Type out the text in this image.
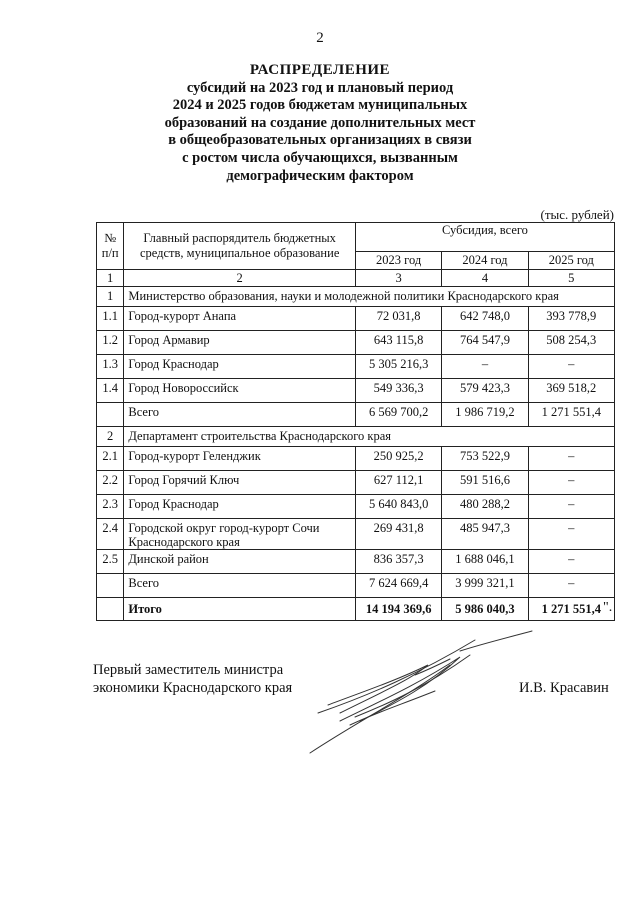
2
РАСПРЕДЕЛЕНИЕ
субсидий на 2023 год и плановый период
2024 и 2025 годов бюджетам муниципальных
образований на создание дополнительных мест
в общеобразовательных организациях в связи
с ростом числа обучающихся, вызванным
демографическим фактором
(тыс. рублей)
№ п/п	Главный распорядитель бюджетных средств, муниципальное образование	Субсидия, всего		
		2023 год	2024 год	2025 год
1	2	3	4	5
1	Министерство образования, науки и молодежной политики Краснодарского края			
1.1	Город-курорт Анапа	72 031,8	642 748,0	393 778,9
1.2	Город Армавир	643 115,8	764 547,9	508 254,3
1.3	Город Краснодар	5 305 216,3	–	–
1.4	Город Новороссийск	549 336,3	579 423,3	369 518,2
	Всего	6 569 700,2	1 986 719,2	1 271 551,4
2	Департамент строительства Краснодарского края			
2.1	Город-курорт Геленджик	250 925,2	753 522,9	–
2.2	Город Горячий Ключ	627 112,1	591 516,6	–
2.3	Город Краснодар	5 640 843,0	480 288,2	–
2.4	Городской округ город-курорт Сочи Краснодарского края	269 431,8	485 947,3	–
2.5	Динской район	836 357,3	1 688 046,1	–
	Всего	7 624 669,4	3 999 321,1	–
	Итого	14 194 369,6	5 986 040,3	1 271 551,4 ".
Первый заместитель министра
экономики Краснодарского края	И.В. Красавин
